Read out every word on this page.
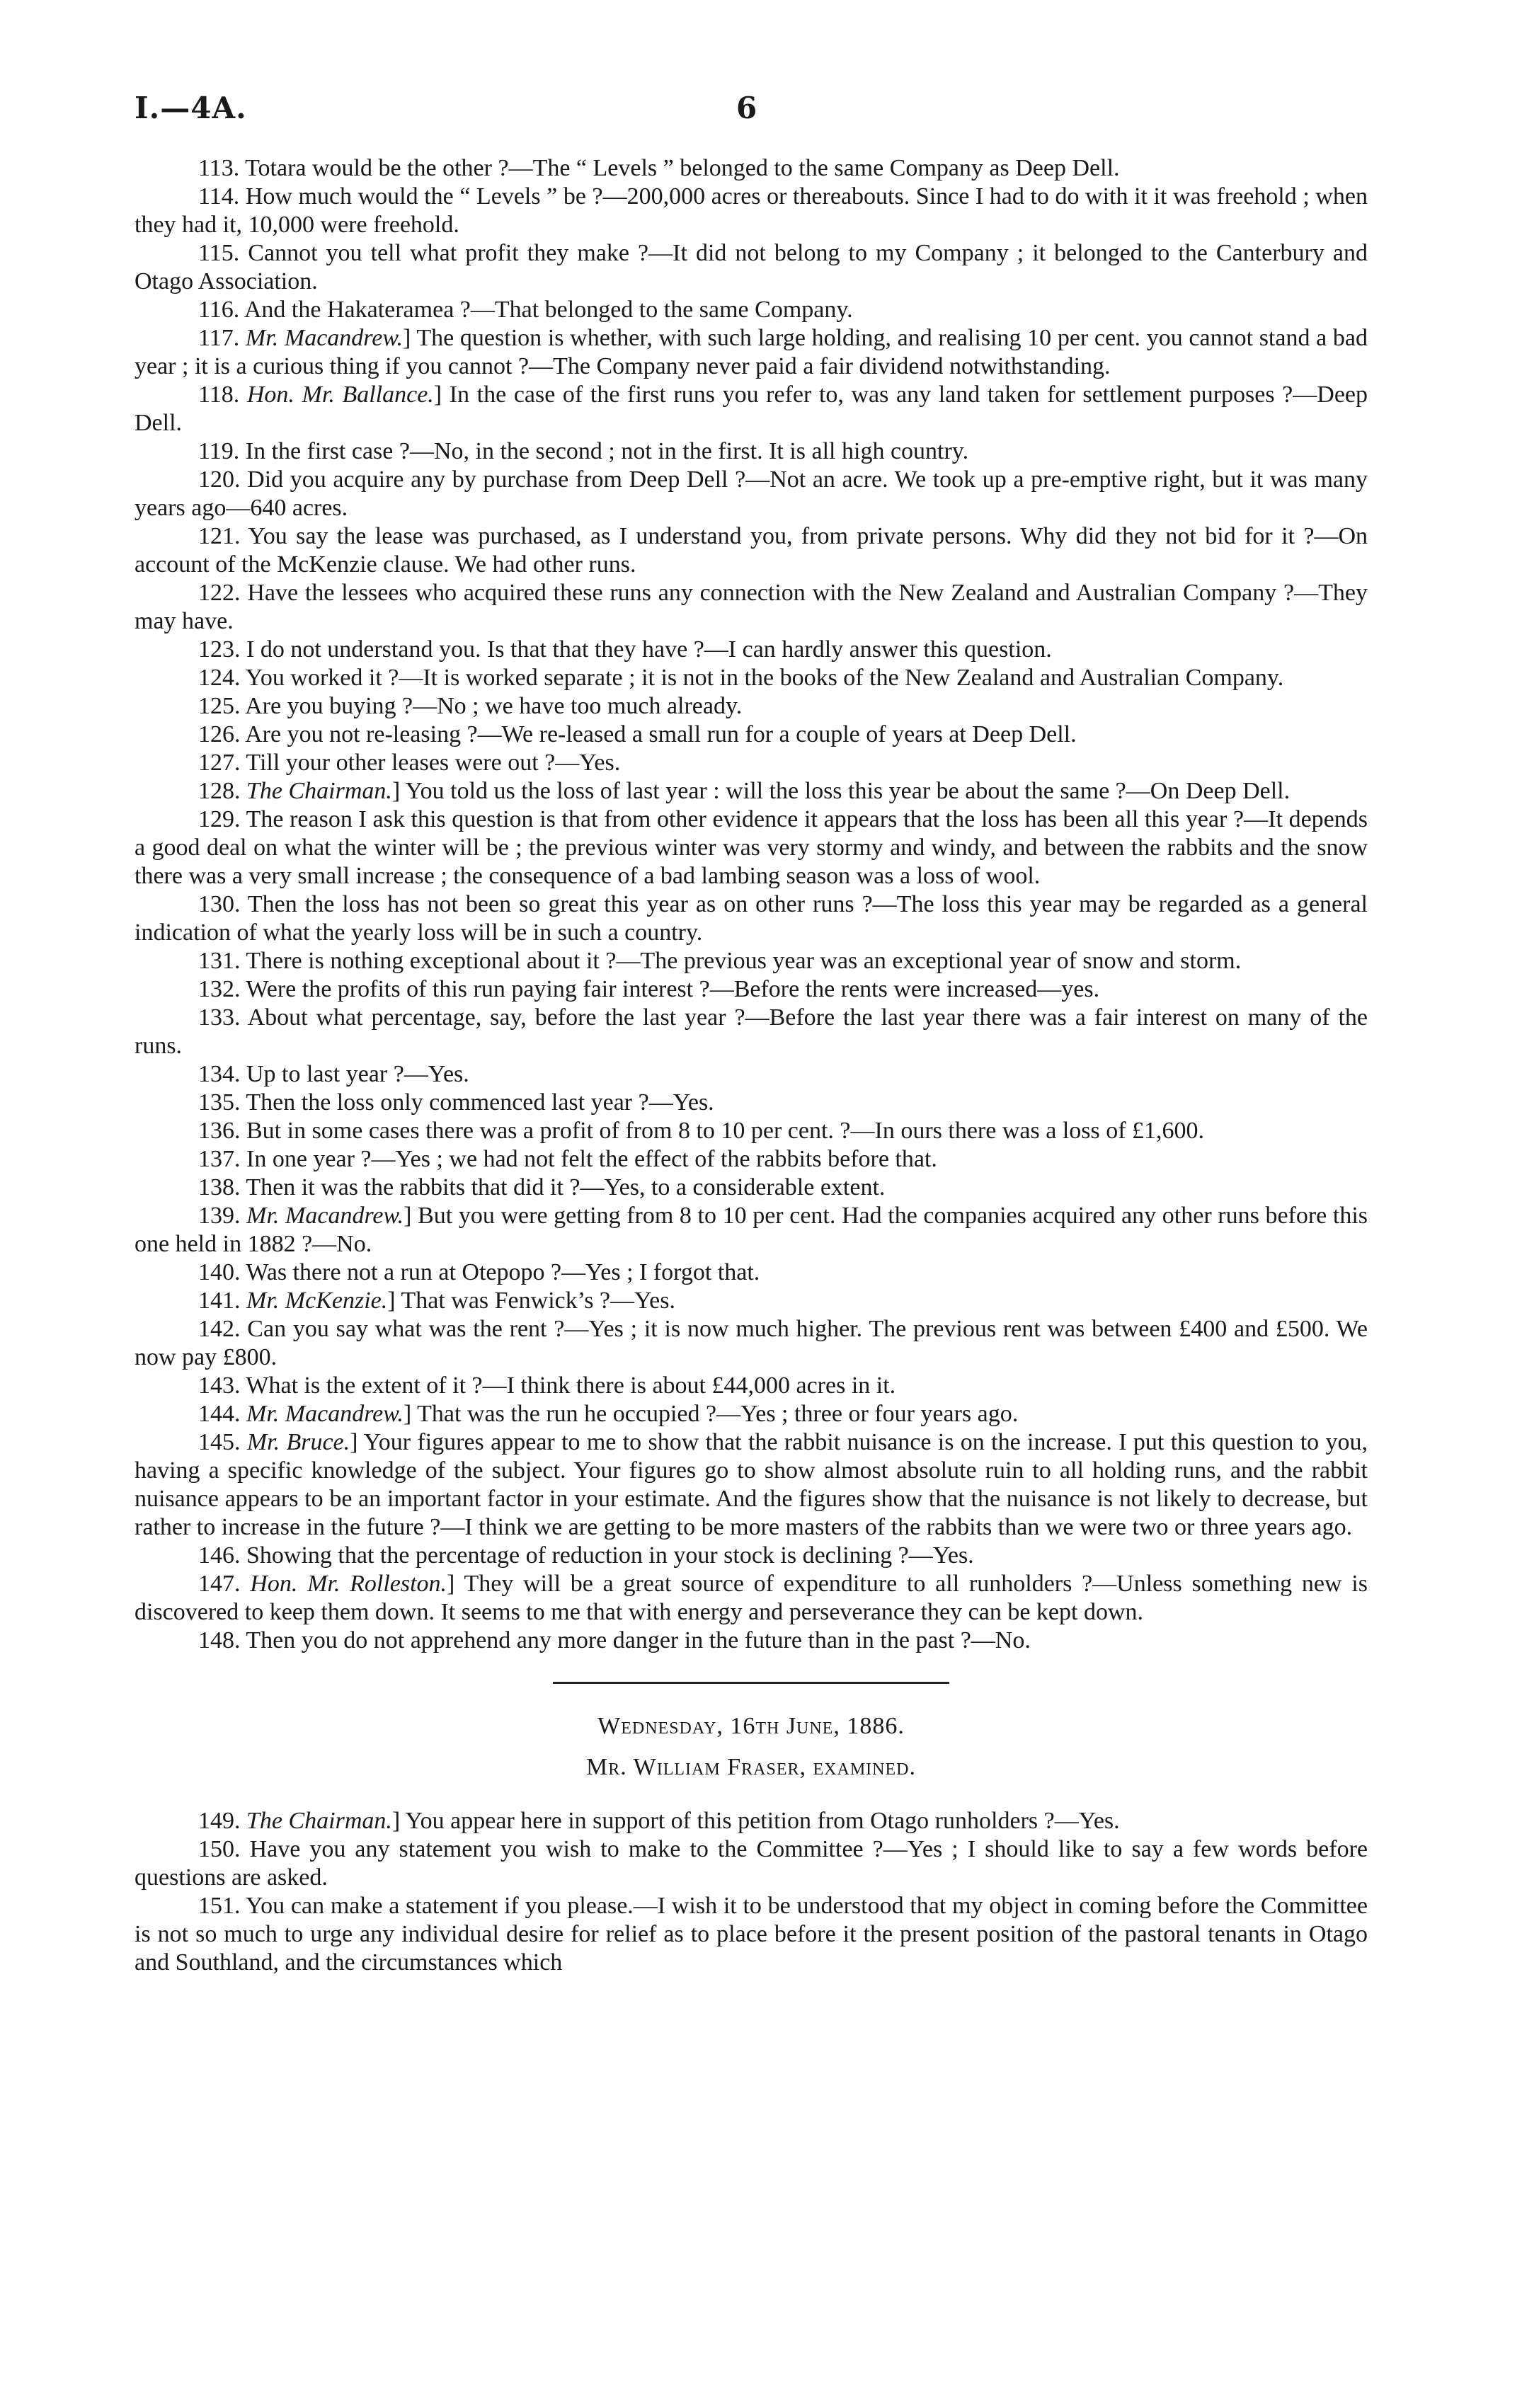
I.—4A.	6

113. Totara would be the other ?—The “ Levels ” belonged to the same Company as Deep Dell.

114. How much would the “ Levels ” be ?—200,000 acres or thereabouts. Since I had to do with it it was freehold ; when they had it, 10,000 were freehold.

115. Cannot you tell what profit they make ?—It did not belong to my Company ; it belonged to the Canterbury and Otago Association.

116. And the Hakateramea ?—That belonged to the same Company.

117. Mr. Macandrew.] The question is whether, with such large holding, and realising 10 per cent. you cannot stand a bad year ; it is a curious thing if you cannot ?—The Company never paid a fair dividend notwithstanding.

118. Hon. Mr. Ballance.] In the case of the first runs you refer to, was any land taken for settlement purposes ?—Deep Dell.

119. In the first case ?—No, in the second ; not in the first. It is all high country.

120. Did you acquire any by purchase from Deep Dell ?—Not an acre. We took up a pre-emptive right, but it was many years ago—640 acres.

121. You say the lease was purchased, as I understand you, from private persons. Why did they not bid for it ?—On account of the McKenzie clause. We had other runs.

122. Have the lessees who acquired these runs any connection with the New Zealand and Australian Company ?—They may have.

123. I do not understand you. Is that that they have ?—I can hardly answer this question.

124. You worked it ?—It is worked separate ; it is not in the books of the New Zealand and Australian Company.

125. Are you buying ?—No ; we have too much already.

126. Are you not re-leasing ?—We re-leased a small run for a couple of years at Deep Dell.

127. Till your other leases were out ?—Yes.

128. The Chairman.] You told us the loss of last year : will the loss this year be about the same ?—On Deep Dell.

129. The reason I ask this question is that from other evidence it appears that the loss has been all this year ?—It depends a good deal on what the winter will be ; the previous winter was very stormy and windy, and between the rabbits and the snow there was a very small increase ; the consequence of a bad lambing season was a loss of wool.

130. Then the loss has not been so great this year as on other runs ?—The loss this year may be regarded as a general indication of what the yearly loss will be in such a country.

131. There is nothing exceptional about it ?—The previous year was an exceptional year of snow and storm.

132. Were the profits of this run paying fair interest ?—Before the rents were increased—yes.

133. About what percentage, say, before the last year ?—Before the last year there was a fair interest on many of the runs.

134. Up to last year ?—Yes.

135. Then the loss only commenced last year ?—Yes.

136. But in some cases there was a profit of from 8 to 10 per cent. ?—In ours there was a loss of £1,600.

137. In one year ?—Yes ; we had not felt the effect of the rabbits before that.

138. Then it was the rabbits that did it ?—Yes, to a considerable extent.

139. Mr. Macandrew.] But you were getting from 8 to 10 per cent. Had the companies acquired any other runs before this one held in 1882 ?—No.

140. Was there not a run at Otepopo ?—Yes ; I forgot that.

141. Mr. McKenzie.] That was Fenwick’s ?—Yes.

142. Can you say what was the rent ?—Yes ; it is now much higher. The previous rent was between £400 and £500. We now pay £800.

143. What is the extent of it ?—I think there is about £44,000 acres in it.

144. Mr. Macandrew.] That was the run he occupied ?—Yes ; three or four years ago.

145. Mr. Bruce.] Your figures appear to me to show that the rabbit nuisance is on the increase. I put this question to you, having a specific knowledge of the subject. Your figures go to show almost absolute ruin to all holding runs, and the rabbit nuisance appears to be an important factor in your estimate. And the figures show that the nuisance is not likely to decrease, but rather to increase in the future ?—I think we are getting to be more masters of the rabbits than we were two or three years ago.

146. Showing that the percentage of reduction in your stock is declining ?—Yes.

147. Hon. Mr. Rolleston.] They will be a great source of expenditure to all runholders ?—Unless something new is discovered to keep them down. It seems to me that with energy and perseverance they can be kept down.

148. Then you do not apprehend any more danger in the future than in the past ?—No.

Wednesday, 16th June, 1886.

Mr. William Fraser, examined.

149. The Chairman.] You appear here in support of this petition from Otago runholders ?—Yes.

150. Have you any statement you wish to make to the Committee ?—Yes ; I should like to say a few words before questions are asked.

151. You can make a statement if you please.—I wish it to be understood that my object in coming before the Committee is not so much to urge any individual desire for relief as to place before it the present position of the pastoral tenants in Otago and Southland, and the circumstances which
